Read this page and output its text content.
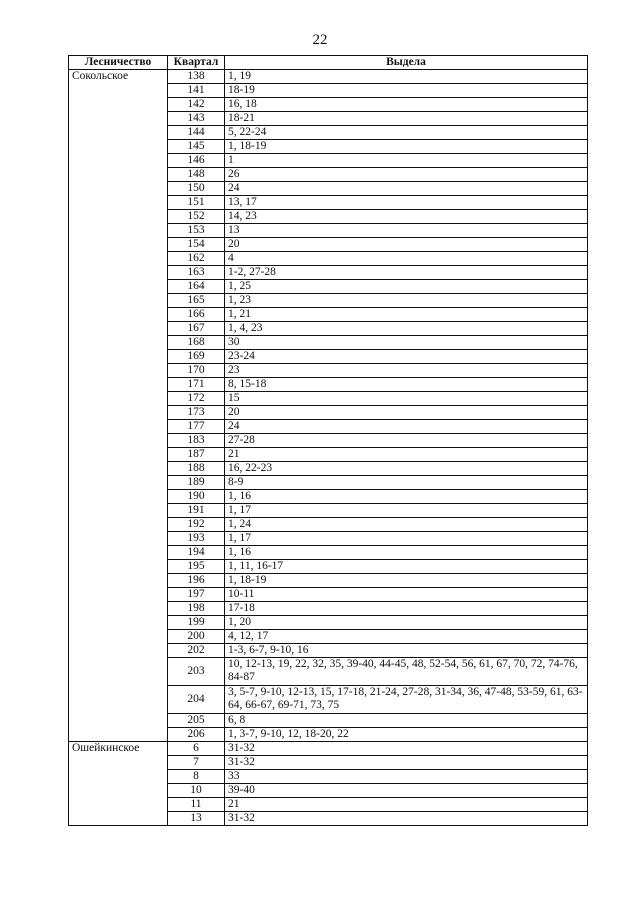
22
Лесничество	Квартал	Выдела
Сокольское	138	1, 19
	141	18-19
	142	16, 18
	143	18-21
	144	5, 22-24
	145	1, 18-19
	146	1
	148	26
	150	24
	151	13, 17
	152	14, 23
	153	13
	154	20
	162	4
	163	1-2, 27-28
	164	1, 25
	165	1, 23
	166	1, 21
	167	1, 4, 23
	168	30
	169	23-24
	170	23
	171	8, 15-18
	172	15
	173	20
	177	24
	183	27-28
	187	21
	188	16, 22-23
	189	8-9
	190	1, 16
	191	1, 17
	192	1, 24
	193	1, 17
	194	1, 16
	195	1, 11, 16-17
	196	1, 18-19
	197	10-11
	198	17-18
	199	1, 20
	200	4, 12, 17
	202	1-3, 6-7, 9-10, 16
	203	10, 12-13, 19, 22, 32, 35, 39-40, 44-45, 48, 52-54, 56, 61, 67, 70, 72, 74-76, 84-87
	204	3, 5-7, 9-10, 12-13, 15, 17-18, 21-24, 27-28, 31-34, 36, 47-48, 53-59, 61, 63-64, 66-67, 69-71, 73, 75
	205	6, 8
	206	1, 3-7, 9-10, 12, 18-20, 22
Ошейкинское	6	31-32
	7	31-32
	8	33
	10	39-40
	11	21
	13	31-32
